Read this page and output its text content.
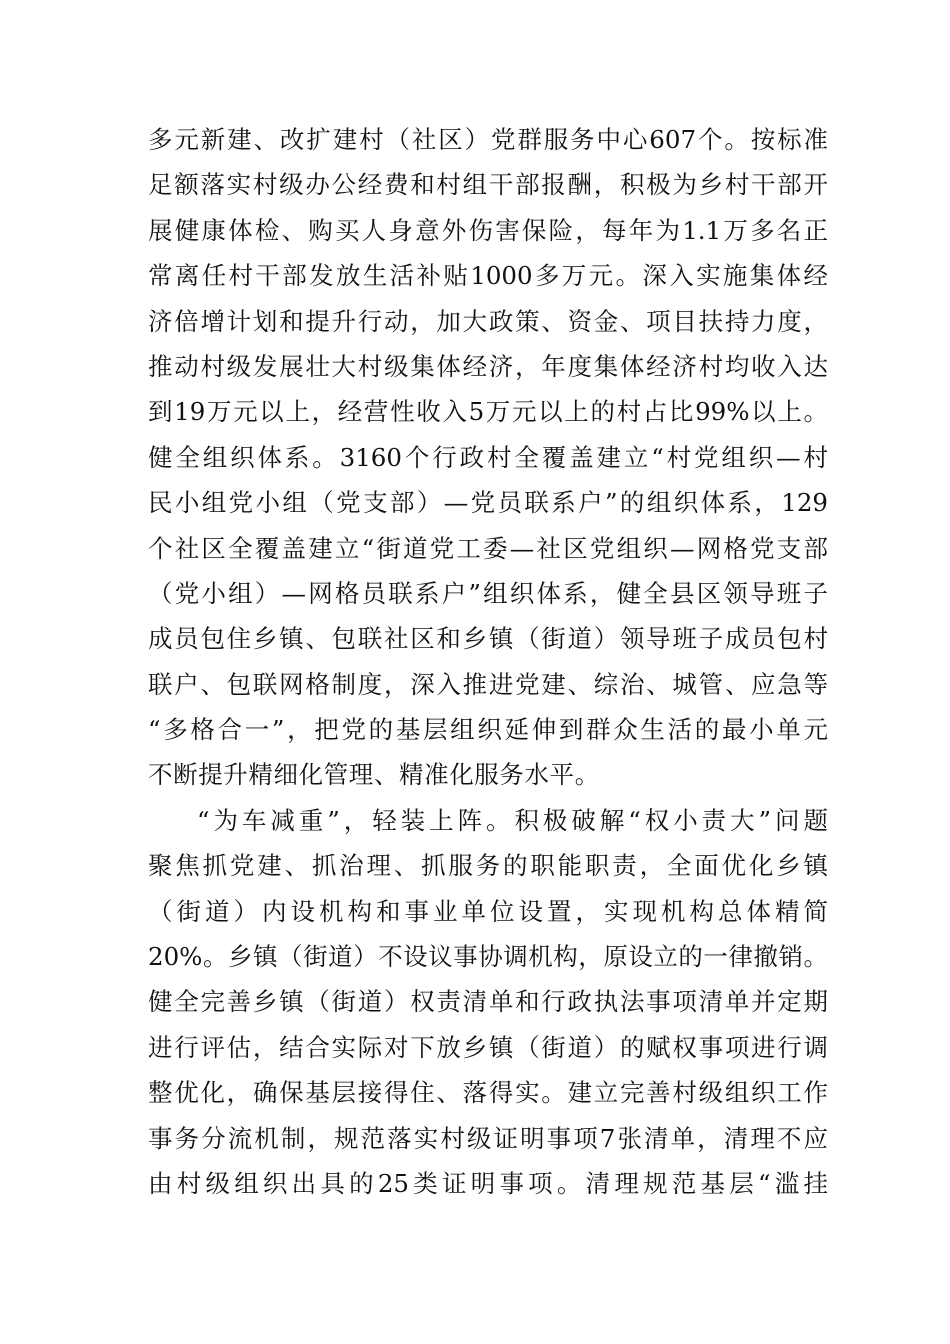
多元新建、改扩建村（社区）党群服务中心607个。按标准
足额落实村级办公经费和村组干部报酬，积极为乡村干部开
展健康体检、购买人身意外伤害保险，每年为1.1万多名正
常离任村干部发放生活补贴1000多万元。深入实施集体经
济倍增计划和提升行动，加大政策、资金、项目扶持力度，
推动村级发展壮大村级集体经济，年度集体经济村均收入达
到19万元以上，经营性收入5万元以上的村占比99%以上。
健全组织体系。3160个行政村全覆盖建立“村党组织—村
民小组党小组（党支部）—党员联系户”的组织体系，129
个社区全覆盖建立“街道党工委—社区党组织—网格党支部
（党小组）—网格员联系户”组织体系，健全县区领导班子
成员包住乡镇、包联社区和乡镇（街道）领导班子成员包村
联户、包联网格制度，深入推进党建、综治、城管、应急等
“多格合一”，把党的基层组织延伸到群众生活的最小单元
不断提升精细化管理、精准化服务水平。
“为车减重”，轻装上阵。积极破解“权小责大”问题
聚焦抓党建、抓治理、抓服务的职能职责，全面优化乡镇
（街道）内设机构和事业单位设置，实现机构总体精简
20%。乡镇（街道）不设议事协调机构，原设立的一律撤销。
健全完善乡镇（街道）权责清单和行政执法事项清单并定期
进行评估，结合实际对下放乡镇（街道）的赋权事项进行调
整优化，确保基层接得住、落得实。建立完善村级组织工作
事务分流机制，规范落实村级证明事项7张清单，清理不应
由村级组织出具的25类证明事项。清理规范基层“滥挂
